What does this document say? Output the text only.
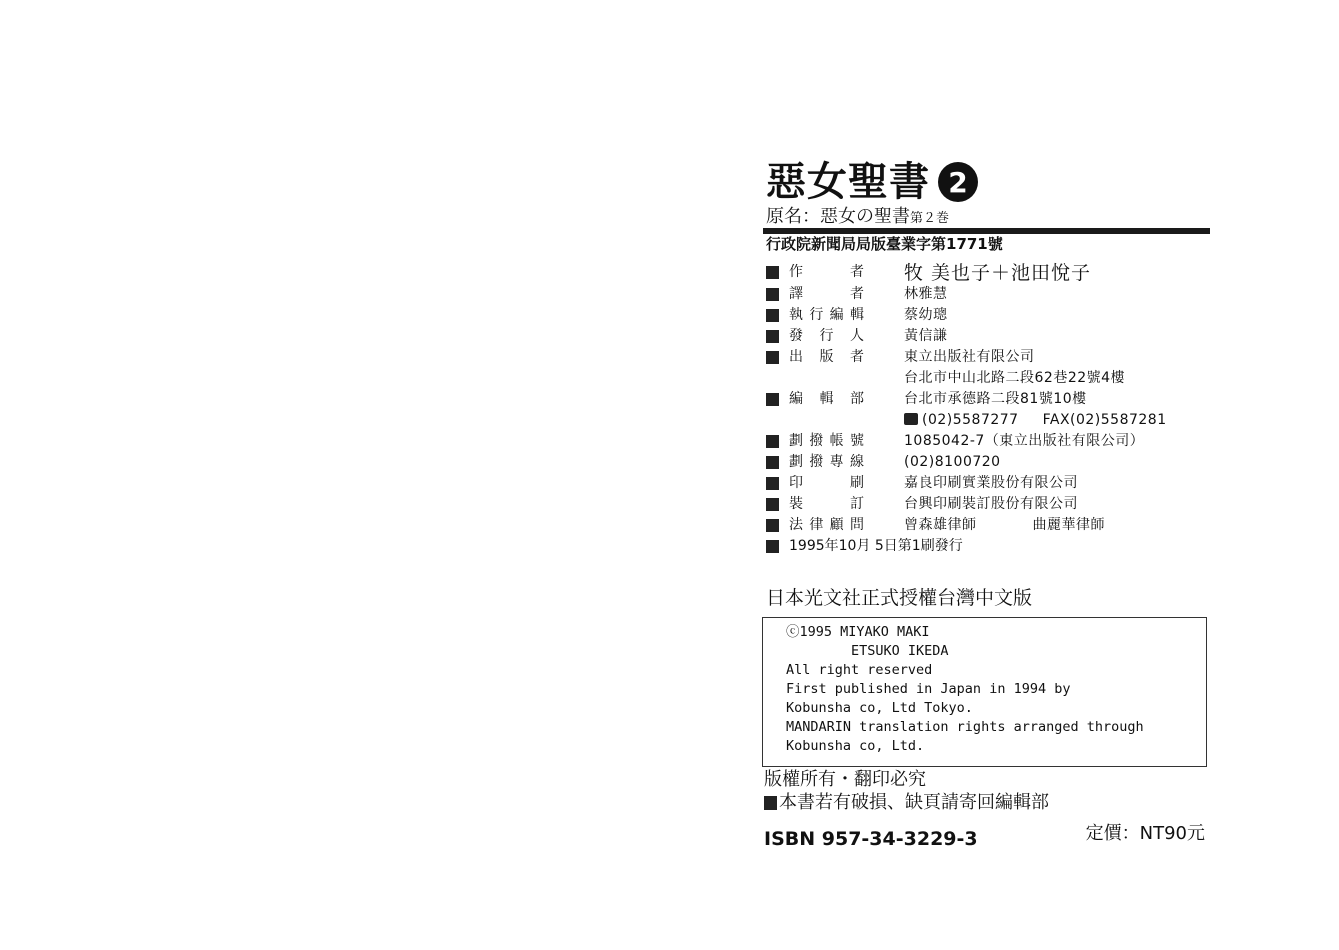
惡女聖書 2
原名：惡女の聖書第２巻
行政院新聞局局版臺業字第1771號
作　者 牧 美也子＋池田悅子
譯　者	林雅慧
執行編輯	蔡幼璁
發行人	黃信謙
出版者	東立出版社有限公司
台北市中山北路二段62巷22號4樓
編輯部	台北市承德路二段81號10樓
(02)5587277 FAX(02)5587281
劃撥帳號	1085042-7（東立出版社有限公司）
劃撥專線	(02)8100720
印　刷	嘉良印刷實業股份有限公司
裝　訂	台興印刷裝訂股份有限公司
法律顧問	曾森雄律師	曲麗華律師
1995年10月 5日第1刷發行
日本光文社正式授權台灣中文版
ⓒ1995 MIYAKO MAKI
ETSUKO IKEDA
All right reserved
First published in Japan in 1994 by
Kobunsha co, Ltd Tokyo.
MANDARIN translation rights arranged through
Kobunsha co, Ltd.
版權所有・翻印必究
本書若有破損、缺頁請寄回編輯部
ISBN 957-34-3229-3	定價：NT90元
